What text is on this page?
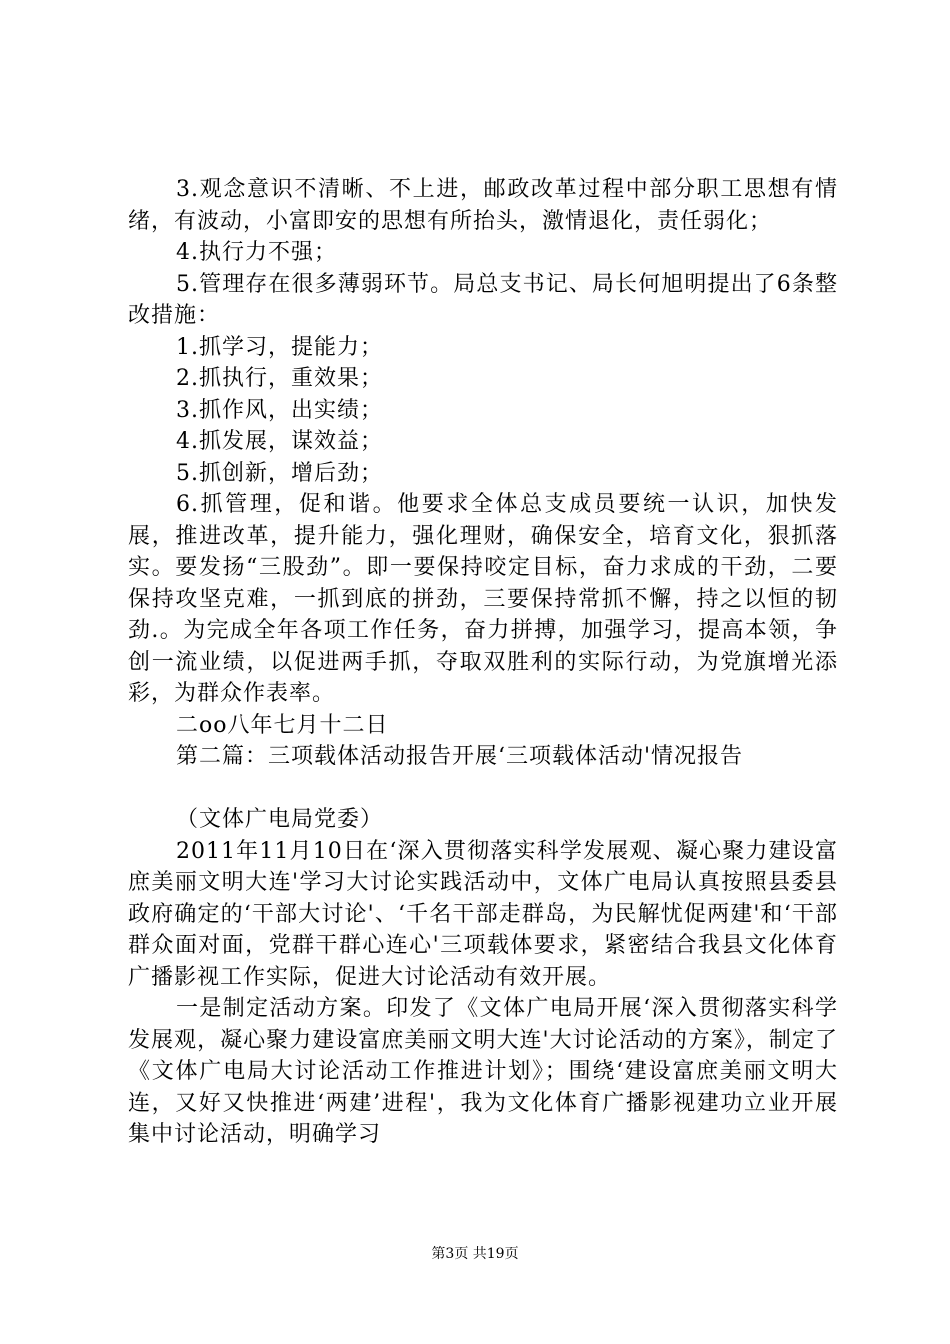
3.观念意识不清晰、不上进，邮政改革过程中部分职工思想有情绪，有波动，小富即安的思想有所抬头，激情退化，责任弱化；

4.执行力不强；

5.管理存在很多薄弱环节。局总支书记、局长何旭明提出了6条整改措施：

1.抓学习，提能力；

2.抓执行，重效果；

3.抓作风，出实绩；

4.抓发展，谋效益；

5.抓创新，增后劲；

6.抓管理，促和谐。他要求全体总支成员要统一认识，加快发展，推进改革，提升能力，强化理财，确保安全，培育文化，狠抓落实。要发扬“三股劲”。即一要保持咬定目标，奋力求成的干劲，二要保持攻坚克难，一抓到底的拼劲，三要保持常抓不懈，持之以恒的韧劲.。为完成全年各项工作任务，奋力拼搏，加强学习，提高本领，争创一流业绩，以促进两手抓，夺取双胜利的实际行动，为党旗增光添彩，为群众作表率。

二oo八年七月十二日

第二篇：三项载体活动报告开展‘三项载体活动'情况报告

（文体广电局党委）

2011年11月10日在‘深入贯彻落实科学发展观、凝心聚力建设富庶美丽文明大连'学习大讨论实践活动中，文体广电局认真按照县委县政府确定的‘干部大讨论'、‘千名干部走群岛，为民解忧促两建'和‘干部群众面对面，党群干群心连心'三项载体要求，紧密结合我县文化体育广播影视工作实际，促进大讨论活动有效开展。

一是制定活动方案。印发了《文体广电局开展‘深入贯彻落实科学发展观，凝心聚力建设富庶美丽文明大连'大讨论活动的方案》，制定了《文体广电局大讨论活动工作推进计划》；围绕‘建设富庶美丽文明大连，又好又快推进‘两建’进程'，我为文化体育广播影视建功立业开展集中讨论活动，明确学习

第3页 共19页
